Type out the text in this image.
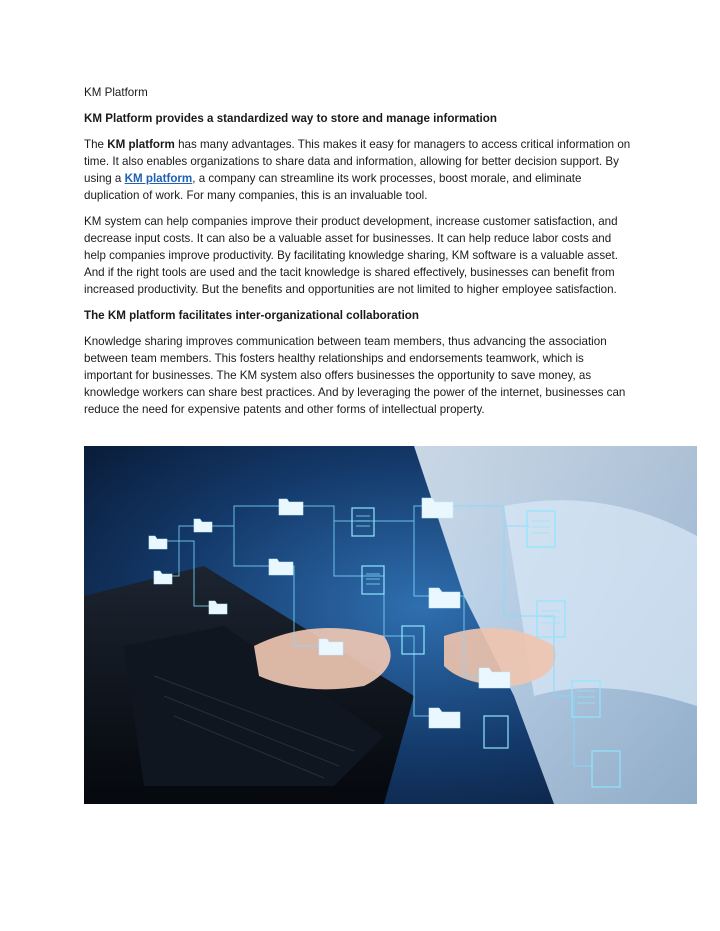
KM Platform

KM Platform provides a standardized way to store and manage information

The KM platform has many advantages. This makes it easy for managers to access critical information on time. It also enables organizations to share data and information, allowing for better decision support. By using a KM platform, a company can streamline its work processes, boost morale, and eliminate duplication of work. For many companies, this is an invaluable tool.

KM system can help companies improve their product development, increase customer satisfaction, and decrease input costs. It can also be a valuable asset for businesses. It can help reduce labor costs and help companies improve productivity. By facilitating knowledge sharing, KM software is a valuable asset. And if the right tools are used and the tacit knowledge is shared effectively, businesses can benefit from increased productivity. But the benefits and opportunities are not limited to higher employee satisfaction.

The KM platform facilitates inter-organizational collaboration

Knowledge sharing improves communication between team members, thus advancing the association between team members. This fosters healthy relationships and endorsements teamwork, which is important for businesses. The KM system also offers businesses the opportunity to save money, as knowledge workers can share best practices. And by leveraging the power of the internet, businesses can reduce the need for expensive patents and other forms of intellectual property.
